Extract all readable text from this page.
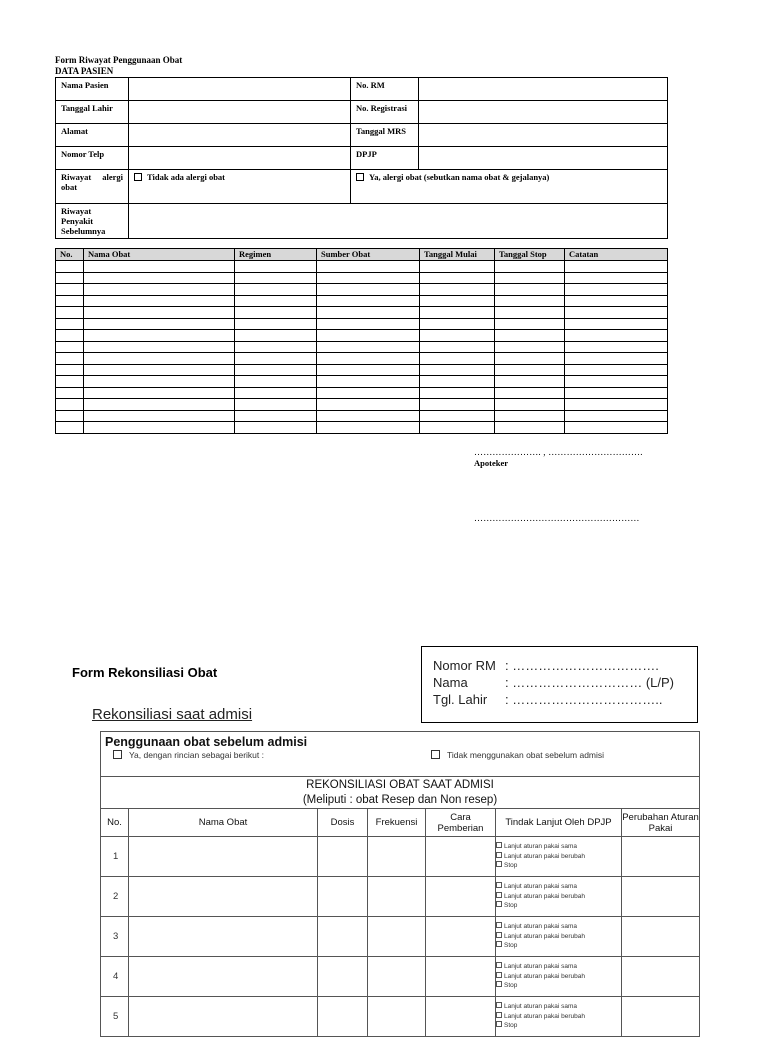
Form Riwayat Penggunaan Obat
DATA PASIEN
Nama Pasien		No. RM	
Tanggal Lahir		No. Registrasi	
Alamat		Tanggal MRS	
Nomor Telp		DPJP	
Riwayat alergi obat	Tidak ada alergi obat	Ya, alergi obat (sebutkan nama obat & gejalanya)	
Riwayat Penyakit Sebelumnya			
No.	Nama Obat	Regimen	Sumber Obat	Tanggal Mulai	Tanggal Stop	Catatan

…………………. , ………………………….
Apoteker
………………………………………………
Form Rekonsiliasi Obat	Nomor RM : …………………………….
Nama	: ………………………… (L/P)
Tgl. Lahir	: ……………………………..
Rekonsiliasi saat admisi
Penggunaan obat sebelum admisi
Ya, dengan rincian sebagai berikut : Tidak menggunakan obat sebelum admisi						

REKONSILIASI OBAT SAAT ADMISI
(Meliputi : obat Resep dan Non resep)						

No.	Nama Obat	Dosis	Frekuensi	Cara Pemberian	Tindak Lanjut Oleh DPJP	Perubahan Aturan Pakai
1					Lanjut aturan pakai sama
Lanjut aturan pakai berubah
Stop	

2					Lanjut aturan pakai sama
Lanjut aturan pakai berubah
Stop	

3					Lanjut aturan pakai sama
Lanjut aturan pakai berubah
Stop	

4					Lanjut aturan pakai sama
Lanjut aturan pakai berubah
Stop	

5					Lanjut aturan pakai sama
Lanjut aturan pakai berubah
Stop	
